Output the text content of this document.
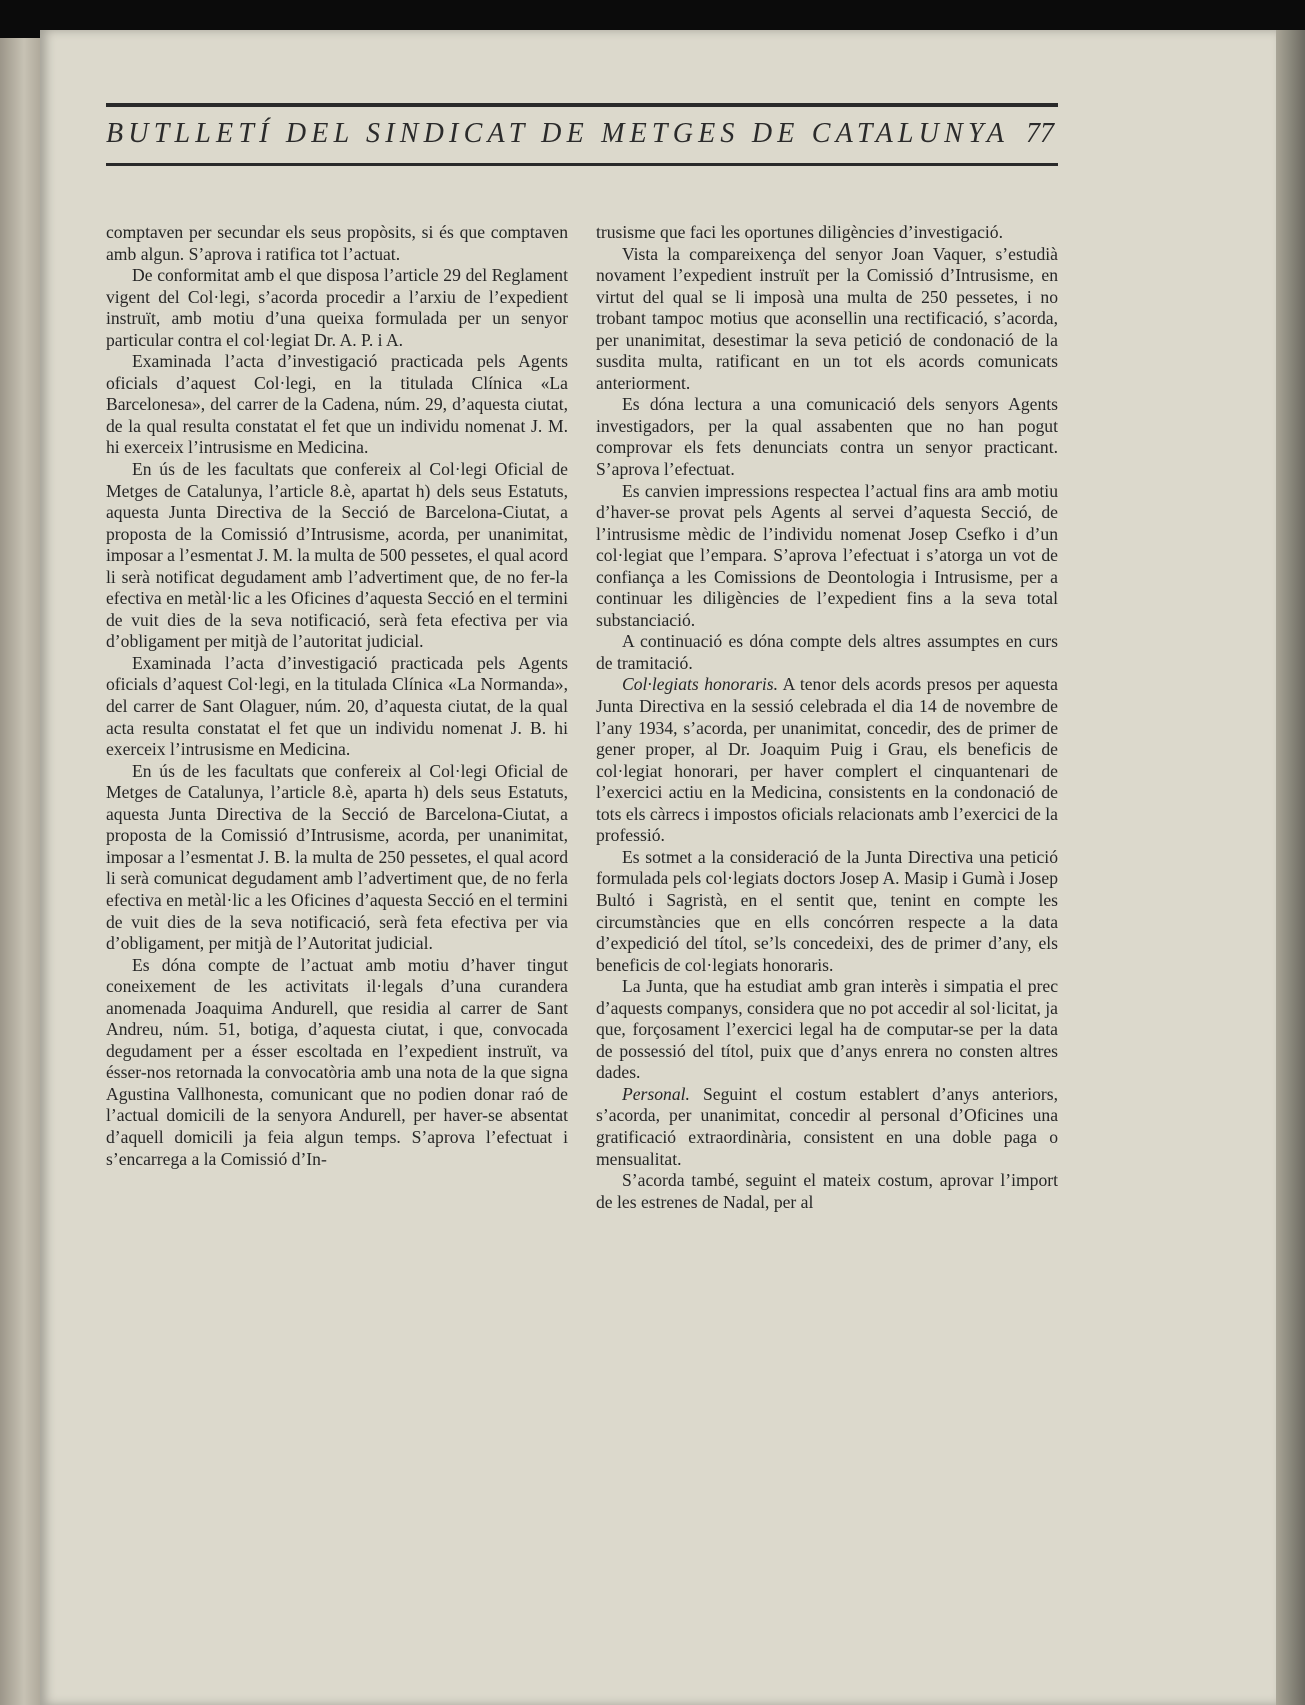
BUTLLETÍ DEL SINDICAT DE METGES DE CATALUNYA 77

comptaven per secundar els seus propòsits, si és que comptaven amb algun. S’aprova i ratifica tot l’actuat.

De conformitat amb el que disposa l’article 29 del Reglament vigent del Col·legi, s’acorda procedir a l’arxiu de l’expedient instruït, amb motiu d’una queixa formulada per un senyor particular contra el col·legiat Dr. A. P. i A.

Examinada l’acta d’investigació practicada pels Agents oficials d’aquest Col·legi, en la titulada Clínica «La Barcelonesa», del carrer de la Cadena, núm. 29, d’aquesta ciutat, de la qual resulta constatat el fet que un individu nomenat J. M. hi exerceix l’intrusisme en Medicina.

En ús de les facultats que confereix al Col·legi Oficial de Metges de Catalunya, l’article 8.è, apartat h) dels seus Estatuts, aquesta Junta Directiva de la Secció de Barcelona-Ciutat, a proposta de la Comissió d’Intrusisme, acorda, per unanimitat, imposar a l’esmentat J. M. la multa de 500 pessetes, el qual acord li serà notificat degudament amb l’advertiment que, de no fer-la efectiva en metàl·lic a les Oficines d’aquesta Secció en el termini de vuit dies de la seva notificació, serà feta efectiva per via d’obligament per mitjà de l’autoritat judicial.

Examinada l’acta d’investigació practicada pels Agents oficials d’aquest Col·legi, en la titulada Clínica «La Normanda», del carrer de Sant Olaguer, núm. 20, d’aquesta ciutat, de la qual acta resulta constatat el fet que un individu nomenat J. B. hi exerceix l’intrusisme en Medicina.

En ús de les facultats que confereix al Col·legi Oficial de Metges de Catalunya, l’article 8.è, aparta h) dels seus Estatuts, aquesta Junta Directiva de la Secció de Barcelona-Ciutat, a proposta de la Comissió d’Intrusisme, acorda, per unanimitat, imposar a l’esmentat J. B. la multa de 250 pessetes, el qual acord li serà comunicat degudament amb l’advertiment que, de no ferla efectiva en metàl·lic a les Oficines d’aquesta Secció en el termini de vuit dies de la seva notificació, serà feta efectiva per via d’obligament, per mitjà de l’Autoritat judicial.

Es dóna compte de l’actuat amb motiu d’haver tingut coneixement de les activitats il·legals d’una curandera anomenada Joaquima Andurell, que residia al carrer de Sant Andreu, núm. 51, botiga, d’aquesta ciutat, i que, convocada degudament per a ésser escoltada en l’expedient instruït, va ésser-nos retornada la convocatòria amb una nota de la que signa Agustina Vallhonesta, comunicant que no podien donar raó de l’actual domicili de la senyora Andurell, per haver-se absentat d’aquell domicili ja feia algun temps. S’aprova l’efectuat i s’encarrega a la Comissió d’In-

trusisme que faci les oportunes diligències d’investigació.

Vista la compareixença del senyor Joan Vaquer, s’estudià novament l’expedient instruït per la Comissió d’Intrusisme, en virtut del qual se li imposà una multa de 250 pessetes, i no trobant tampoc motius que aconsellin una rectificació, s’acorda, per unanimitat, desestimar la seva petició de condonació de la susdita multa, ratificant en un tot els acords comunicats anteriorment.

Es dóna lectura a una comunicació dels senyors Agents investigadors, per la qual assabenten que no han pogut comprovar els fets denunciats contra un senyor practicant. S’aprova l’efectuat.

Es canvien impressions respectea l’actual fins ara amb motiu d’haver-se provat pels Agents al servei d’aquesta Secció, de l’intrusisme mèdic de l’individu nomenat Josep Csefko i d’un col·legiat que l’empara. S’aprova l’efectuat i s’atorga un vot de confiança a les Comissions de Deontologia i Intrusisme, per a continuar les diligències de l’expedient fins a la seva total substanciació.

A continuació es dóna compte dels altres assumptes en curs de tramitació.

Col·legiats honoraris. A tenor dels acords presos per aquesta Junta Directiva en la sessió celebrada el dia 14 de novembre de l’any 1934, s’acorda, per unanimitat, concedir, des de primer de gener proper, al Dr. Joaquim Puig i Grau, els beneficis de col·legiat honorari, per haver complert el cinquantenari de l’exercici actiu en la Medicina, consistents en la condonació de tots els càrrecs i impostos oficials relacionats amb l’exercici de la professió.

Es sotmet a la consideració de la Junta Directiva una petició formulada pels col·legiats doctors Josep A. Masip i Gumà i Josep Bultó i Sagristà, en el sentit que, tenint en compte les circumstàncies que en ells concórren respecte a la data d’expedició del títol, se’ls concedeixi, des de primer d’any, els beneficis de col·legiats honoraris.

La Junta, que ha estudiat amb gran interès i simpatia el prec d’aquests companys, considera que no pot accedir al sol·licitat, ja que, forçosament l’exercici legal ha de computar-se per la data de possessió del títol, puix que d’anys enrera no consten altres dades.

Personal. Seguint el costum establert d’anys anteriors, s’acorda, per unanimitat, concedir al personal d’Oficines una gratificació extraordinària, consistent en una doble paga o mensualitat.

S’acorda també, seguint el mateix costum, aprovar l’import de les estrenes de Nadal, per al
